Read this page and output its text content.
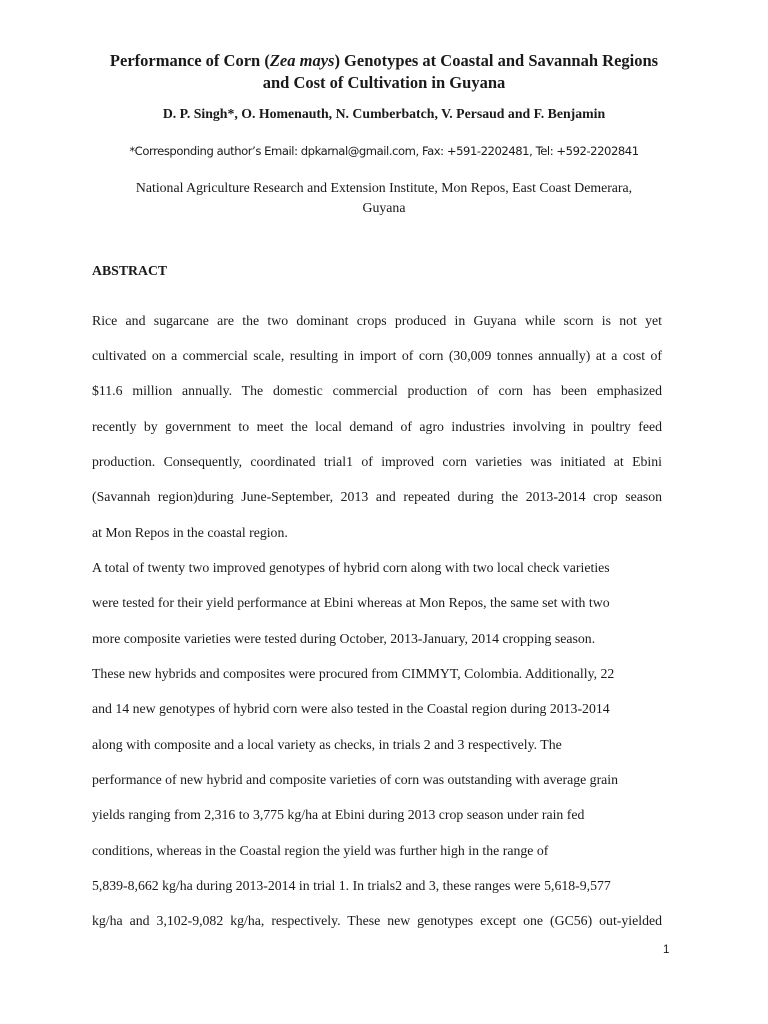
Performance of Corn (Zea mays) Genotypes at Coastal and Savannah Regions
and Cost of Cultivation in Guyana
D. P. Singh*, O. Homenauth, N. Cumberbatch, V. Persaud and F. Benjamin
*Corresponding author’s Email: dpkarnal@gmail.com, Fax: +591-2202481, Tel: +592-2202841
National Agriculture Research and Extension Institute, Mon Repos, East Coast Demerara,
Guyana
ABSTRACT
Rice and sugarcane are the two dominant crops produced in Guyana while scorn is not yet
cultivated on a commercial scale, resulting in import of corn (30,009 tonnes annually) at a cost of
$11.6 million annually. The domestic commercial production of corn has been emphasized
recently by government to meet the local demand of agro industries involving in poultry feed
production. Consequently, coordinated trial1 of improved corn varieties was initiated at Ebini
(Savannah region)during June-September, 2013 and repeated during the 2013-2014 crop season
at Mon Repos in the coastal region.
A total of twenty two improved genotypes of hybrid corn along with two local check varieties
were tested for their yield performance at Ebini whereas at Mon Repos, the same set with two
more composite varieties were tested during October, 2013-January, 2014 cropping season.
These new hybrids and composites were procured from CIMMYT, Colombia. Additionally, 22
and 14 new genotypes of hybrid corn were also tested in the Coastal region during 2013-2014
along with composite and a local variety as checks, in trials 2 and 3 respectively. The
performance of new hybrid and composite varieties of corn was outstanding with average grain
yields ranging from 2,316 to 3,775 kg/ha at Ebini during 2013 crop season under rain fed
conditions, whereas in the Coastal region the yield was further high in the range of
5,839-8,662 kg/ha during 2013-2014 in trial 1. In trials2 and 3, these ranges were 5,618-9,577
kg/ha and 3,102-9,082 kg/ha, respectively. These new genotypes except one (GC56) out-yielded
1
